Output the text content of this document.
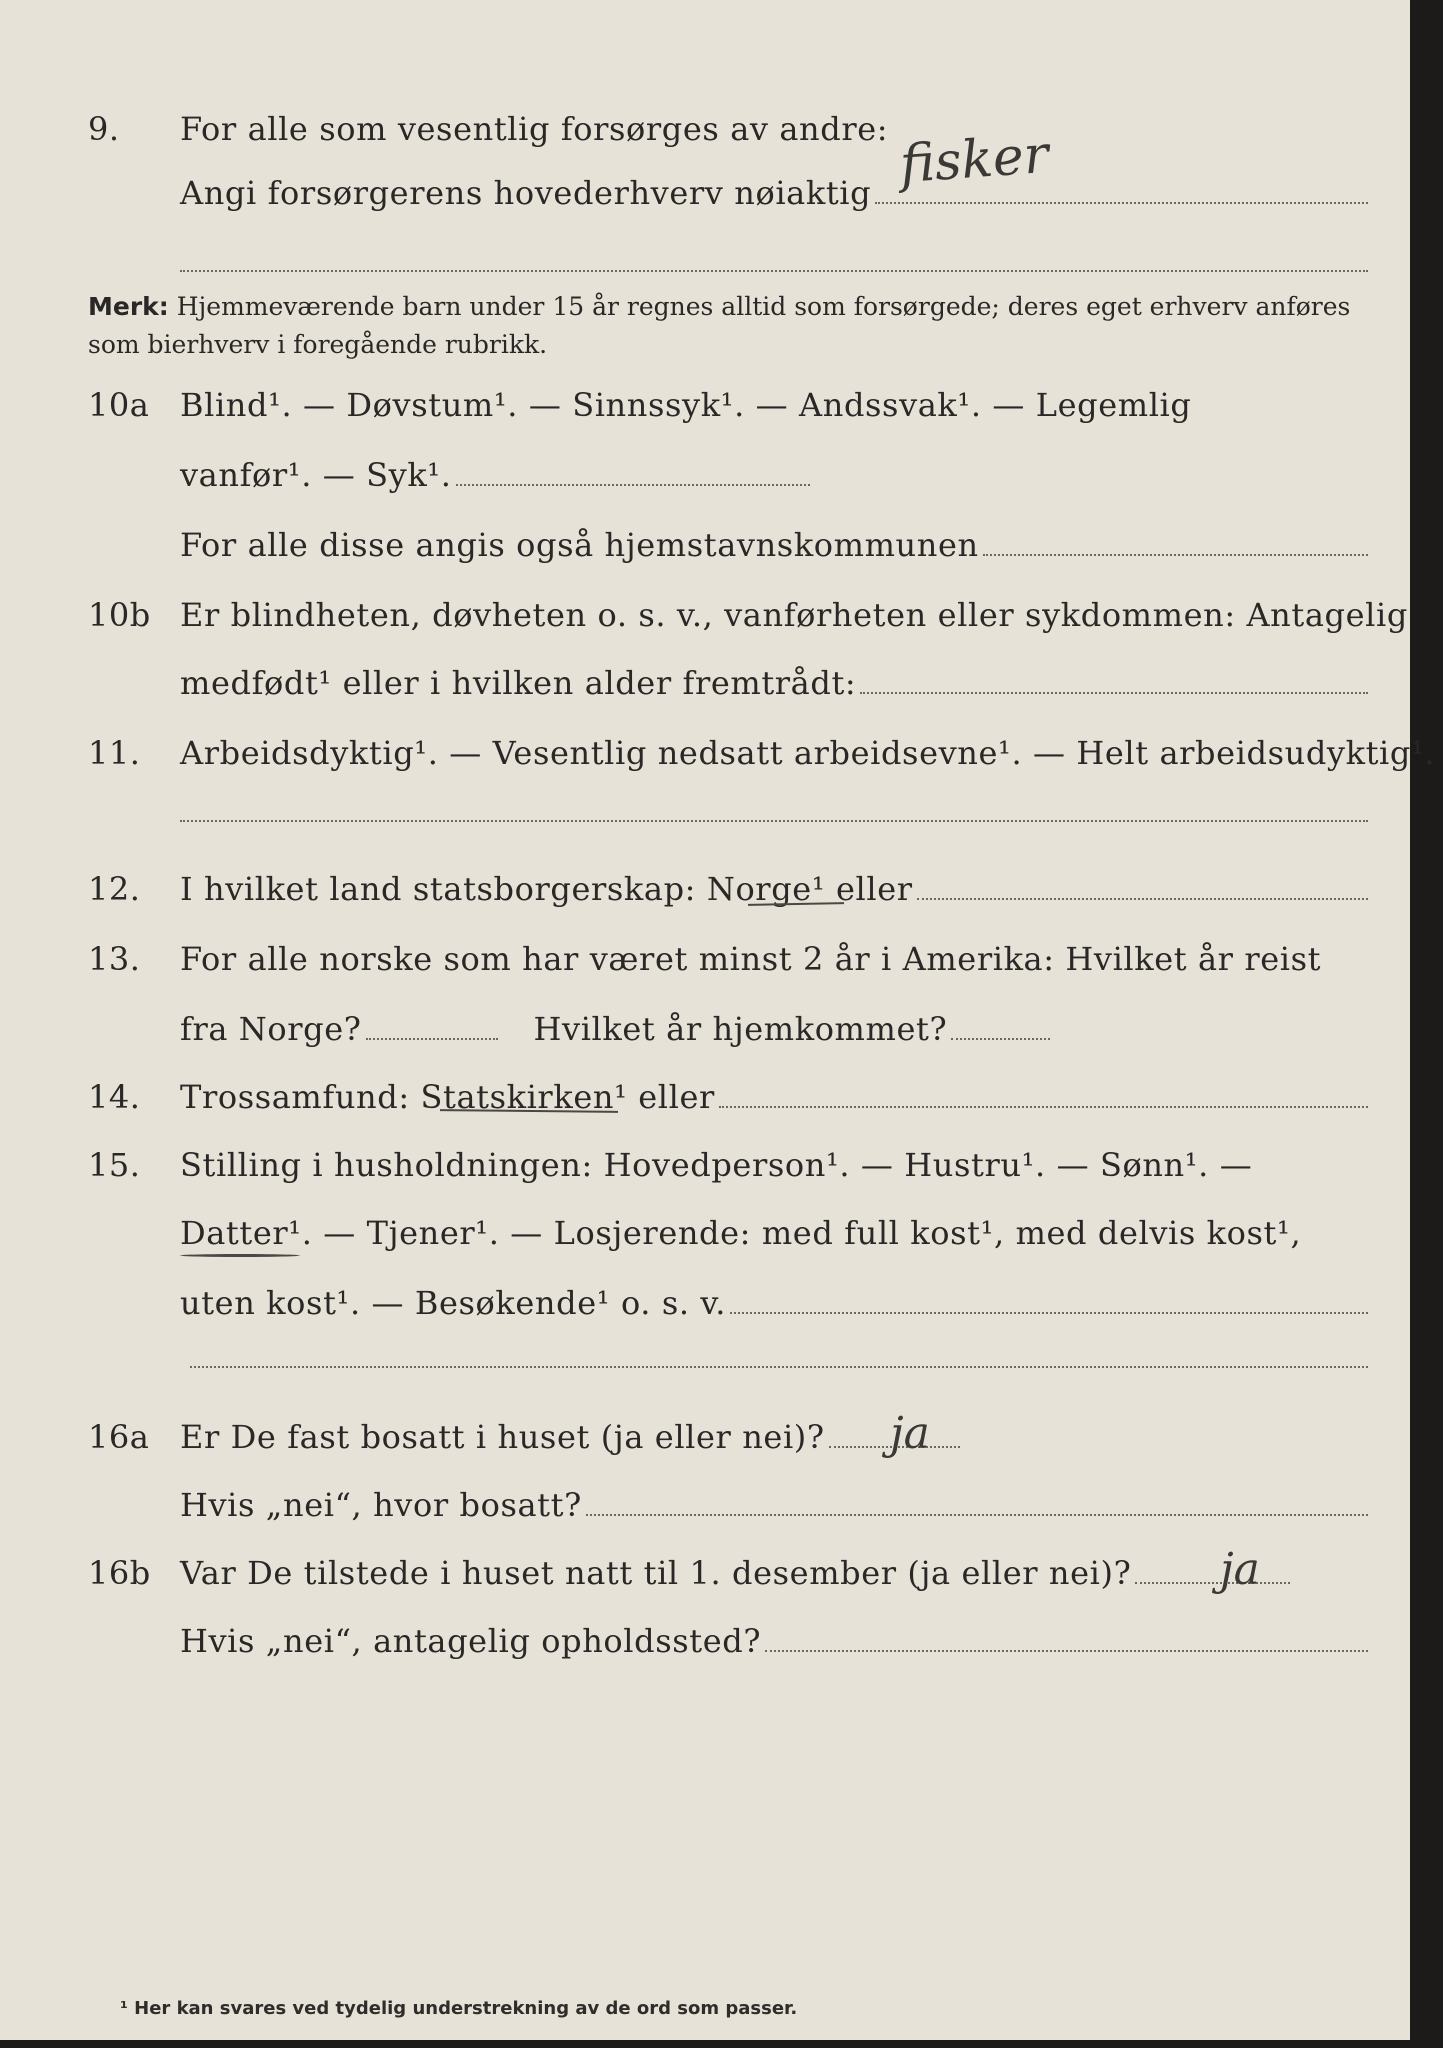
9. For alle som vesentlig forsørges av andre:
Angi forsørgerens hovederhverv nøiaktig fisker
Merk: Hjemmeværende barn under 15 år regnes alltid som forsørgede; deres eget erhverv anføres som bierhverv i foregående rubrikk.
10a Blind¹. — Døvstum¹. — Sinnssyk¹. — Andssvak¹. — Legemlig
vanfør¹. — Syk¹.
For alle disse angis også hjemstavnskommunen
10b Er blindheten, døvheten o. s. v., vanførheten eller sykdommen: Antagelig
medfødt¹ eller i hvilken alder fremtrådt:
11. Arbeidsdyktig¹. — Vesentlig nedsatt arbeidsevne¹. — Helt arbeidsudyktig¹.
12. I hvilket land statsborgerskap: Norge¹ eller
13. For alle norske som har været minst 2 år i Amerika: Hvilket år reist
fra Norge?	Hvilket år hjemkommet?
14. Trossamfund: Statskirken¹ eller
15. Stilling i husholdningen: Hovedperson¹. — Hustru¹. — Sønn¹. —
Datter¹. — Tjener¹. — Losjerende: med full kost¹, med delvis kost¹,
uten kost¹. — Besøkende¹ o. s. v.
16a Er De fast bosatt i huset (ja eller nei)? ja
Hvis „nei“, hvor bosatt?
16b Var De tilstede i huset natt til 1. desember (ja eller nei)? ja
Hvis „nei“, antagelig opholdssted?
¹ Her kan svares ved tydelig understrekning av de ord som passer.
